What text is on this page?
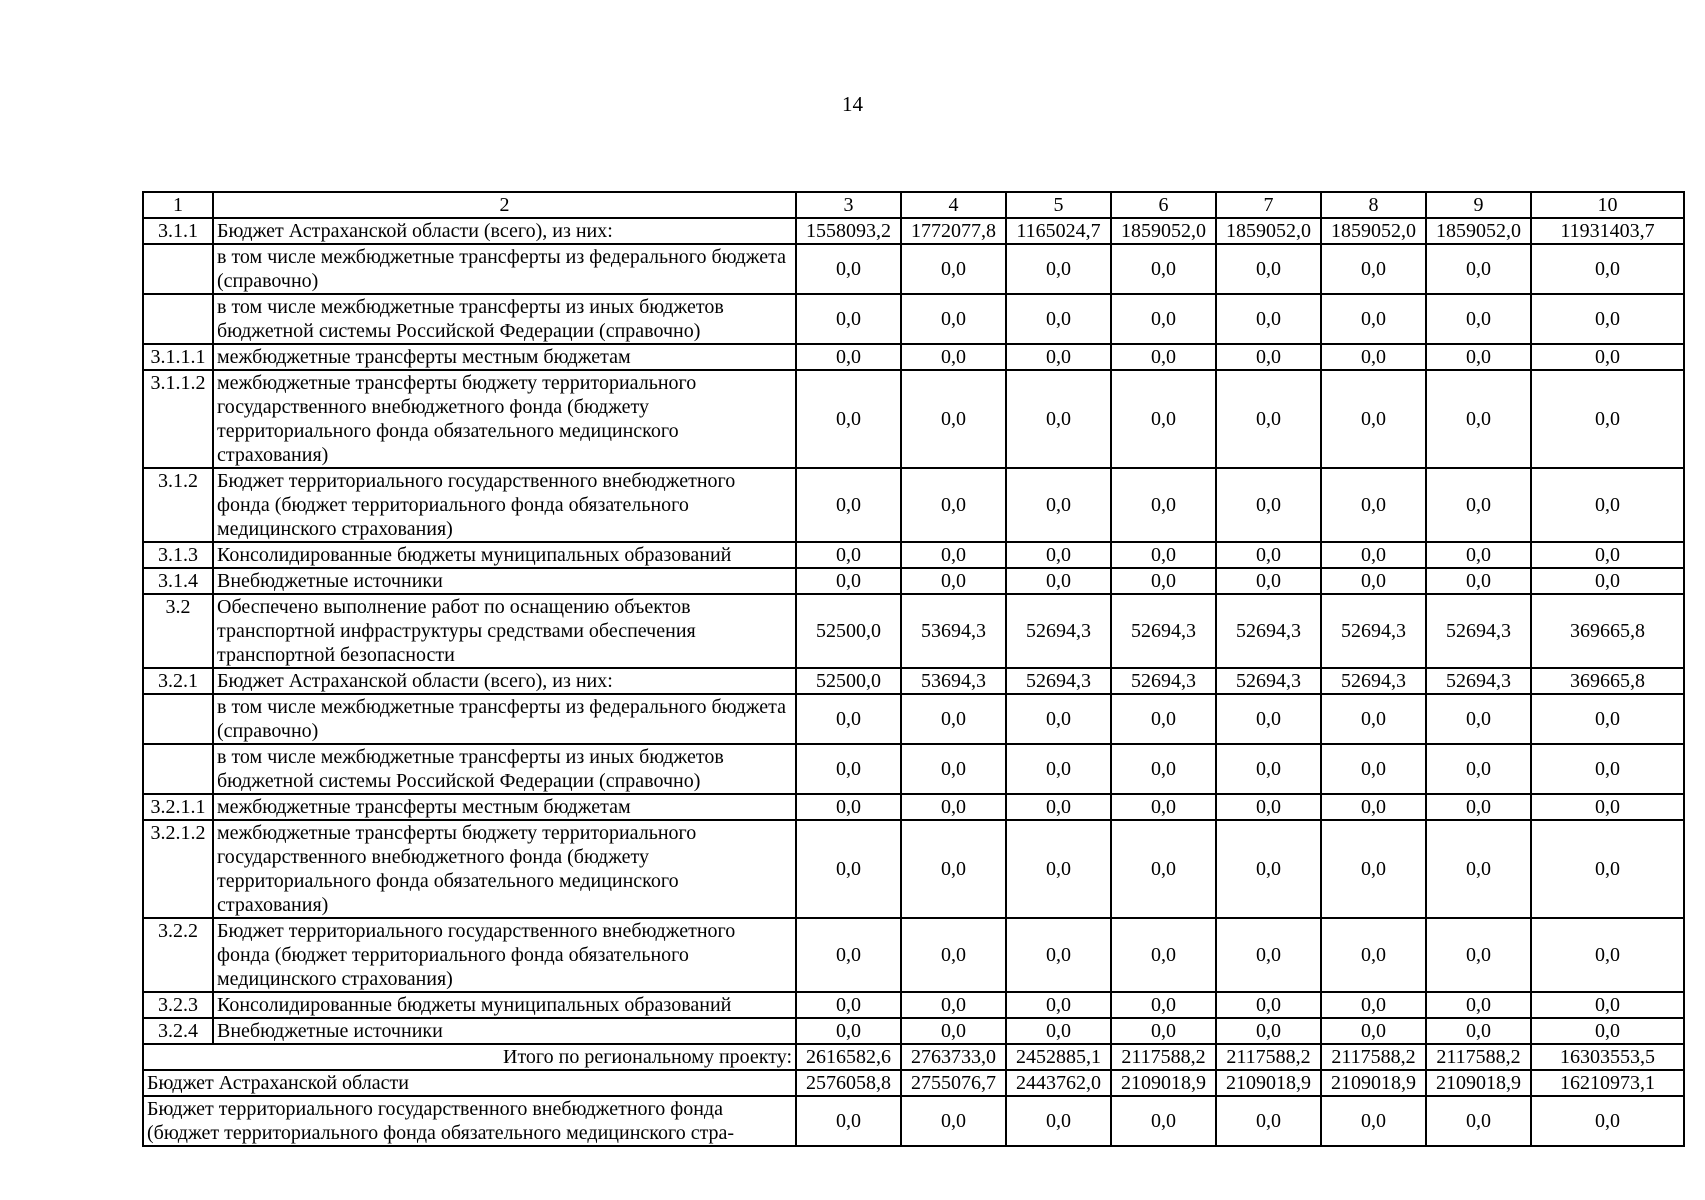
14
1	2	3	4	5	6	7	8	9	10
3.1.1	Бюджет Астраханской области (всего), из них:	1558093,2	1772077,8	1165024,7	1859052,0	1859052,0	1859052,0	1859052,0	11931403,7
	в том числе межбюджетные трансферты из федерального бюджета (справочно)	0,0	0,0	0,0	0,0	0,0	0,0	0,0	0,0
	в том числе межбюджетные трансферты из иных бюджетов бюджетной системы Российской Федерации (справочно)	0,0	0,0	0,0	0,0	0,0	0,0	0,0	0,0
3.1.1.1	межбюджетные трансферты местным бюджетам	0,0	0,0	0,0	0,0	0,0	0,0	0,0	0,0
3.1.1.2	межбюджетные трансферты бюджету территориального государственного внебюджетного фонда (бюджету территориального фонда обязательного медицинского страхования)	0,0	0,0	0,0	0,0	0,0	0,0	0,0	0,0
3.1.2	Бюджет территориального государственного внебюджетного фонда (бюджет территориального фонда обязательного медицинского страхования)	0,0	0,0	0,0	0,0	0,0	0,0	0,0	0,0
3.1.3	Консолидированные бюджеты муниципальных образований	0,0	0,0	0,0	0,0	0,0	0,0	0,0	0,0
3.1.4	Внебюджетные источники	0,0	0,0	0,0	0,0	0,0	0,0	0,0	0,0
3.2	Обеспечено выполнение работ по оснащению объектов транспортной инфраструктуры средствами обеспечения транспортной безопасности	52500,0	53694,3	52694,3	52694,3	52694,3	52694,3	52694,3	369665,8
3.2.1	Бюджет Астраханской области (всего), из них:	52500,0	53694,3	52694,3	52694,3	52694,3	52694,3	52694,3	369665,8
	в том числе межбюджетные трансферты из федерального бюджета (справочно)	0,0	0,0	0,0	0,0	0,0	0,0	0,0	0,0
	в том числе межбюджетные трансферты из иных бюджетов бюджетной системы Российской Федерации (справочно)	0,0	0,0	0,0	0,0	0,0	0,0	0,0	0,0
3.2.1.1	межбюджетные трансферты местным бюджетам	0,0	0,0	0,0	0,0	0,0	0,0	0,0	0,0
3.2.1.2	межбюджетные трансферты бюджету территориального государственного внебюджетного фонда (бюджету территориального фонда обязательного медицинского страхования)	0,0	0,0	0,0	0,0	0,0	0,0	0,0	0,0
3.2.2	Бюджет территориального государственного внебюджетного фонда (бюджет территориального фонда обязательного медицинского страхования)	0,0	0,0	0,0	0,0	0,0	0,0	0,0	0,0
3.2.3	Консолидированные бюджеты муниципальных образований	0,0	0,0	0,0	0,0	0,0	0,0	0,0	0,0
3.2.4	Внебюджетные источники	0,0	0,0	0,0	0,0	0,0	0,0	0,0	0,0
Итого по региональному проекту:		2616582,6	2763733,0	2452885,1	2117588,2	2117588,2	2117588,2	2117588,2	16303553,5
Бюджет Астраханской области		2576058,8	2755076,7	2443762,0	2109018,9	2109018,9	2109018,9	2109018,9	16210973,1
Бюджет территориального государственного внебюджетного фонда (бюджет территориального фонда обязательного медицинского стра-		0,0	0,0	0,0	0,0	0,0	0,0	0,0	0,0
